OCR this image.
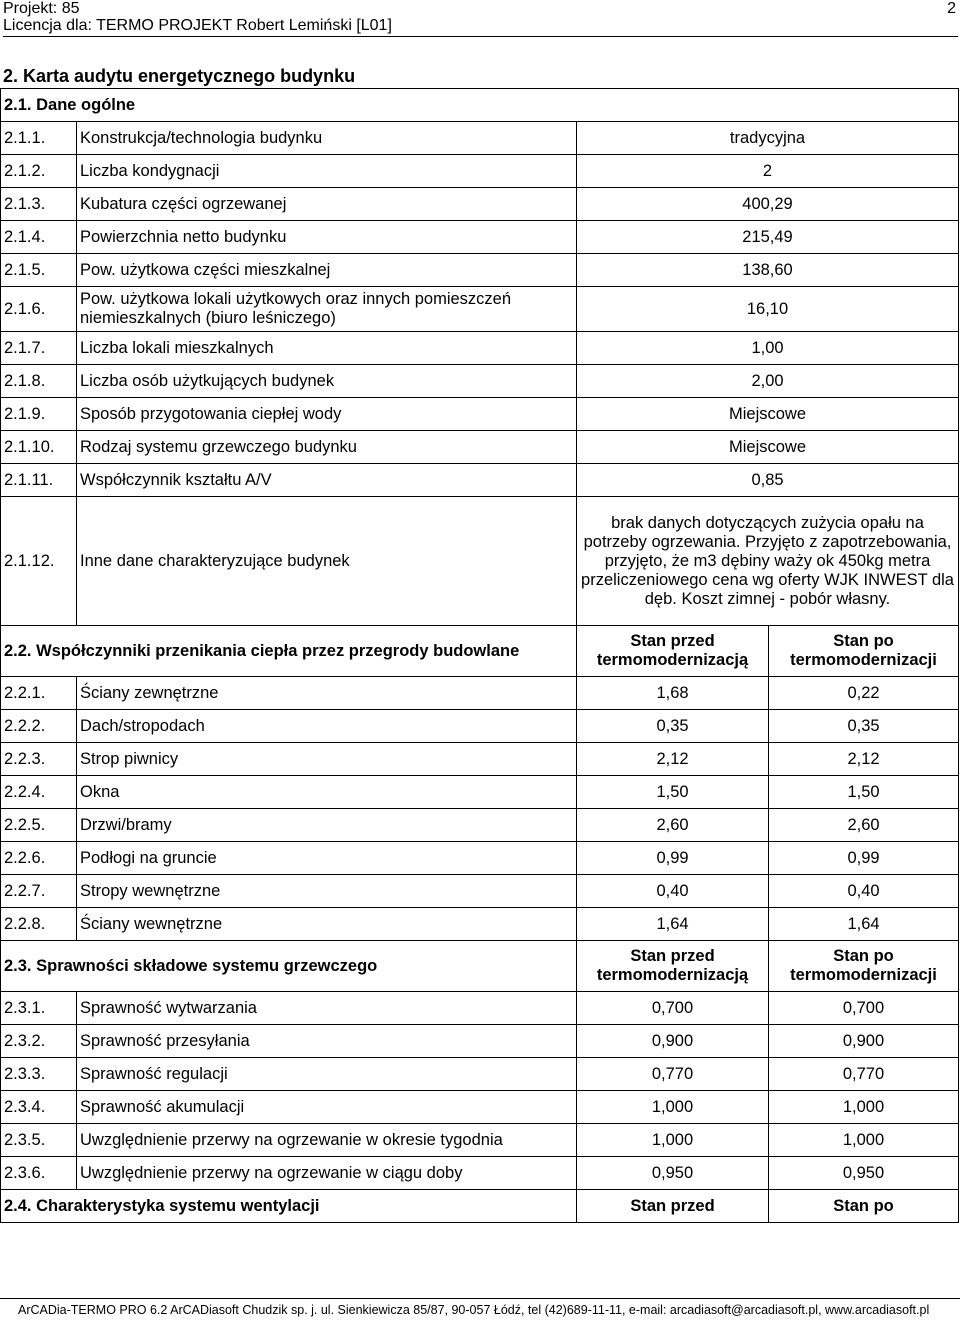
Projekt: 85
Licencja dla: TERMO PROJEKT Robert Lemiński [L01]
2
2. Karta audytu energetycznego budynku
2.1. Dane ogólne			
2.1.1.	Konstrukcja/technologia budynku	tradycyjna	
2.1.2.	Liczba kondygnacji	2	
2.1.3.	Kubatura części ogrzewanej	400,29	
2.1.4.	Powierzchnia netto budynku	215,49	
2.1.5.	Pow. użytkowa części mieszkalnej	138,60	
2.1.6.	Pow. użytkowa lokali użytkowych oraz innych pomieszczeń niemieszkalnych (biuro leśniczego)	16,10	
2.1.7.	Liczba lokali mieszkalnych	1,00	
2.1.8.	Liczba osób użytkujących budynek	2,00	
2.1.9.	Sposób przygotowania ciepłej wody	Miejscowe	
2.1.10.	Rodzaj systemu grzewczego budynku	Miejscowe	
2.1.11.	Współczynnik kształtu A/V	0,85	
2.1.12.	Inne dane charakteryzujące budynek	brak danych dotyczących zużycia opału na potrzeby ogrzewania. Przyjęto z zapotrzebowania, przyjęto, że m3 dębiny waży ok 450kg metra przeliczeniowego cena wg oferty WJK INWEST dla dęb. Koszt zimnej - pobór własny.	
2.2. Współczynniki przenikania ciepła przez przegrody budowlane		Stan przed termomodernizacją	Stan po termomodernizacji
2.2.1.	Ściany zewnętrzne	1,68	0,22
2.2.2.	Dach/stropodach	0,35	0,35
2.2.3.	Strop piwnicy	2,12	2,12
2.2.4.	Okna	1,50	1,50
2.2.5.	Drzwi/bramy	2,60	2,60
2.2.6.	Podłogi na gruncie	0,99	0,99
2.2.7.	Stropy wewnętrzne	0,40	0,40
2.2.8.	Ściany wewnętrzne	1,64	1,64
2.3. Sprawności składowe systemu grzewczego		Stan przed termomodernizacją	Stan po termomodernizacji
2.3.1.	Sprawność wytwarzania	0,700	0,700
2.3.2.	Sprawność przesyłania	0,900	0,900
2.3.3.	Sprawność regulacji	0,770	0,770
2.3.4.	Sprawność akumulacji	1,000	1,000
2.3.5.	Uwzględnienie przerwy na ogrzewanie w okresie tygodnia	1,000	1,000
2.3.6.	Uwzględnienie przerwy na ogrzewanie w ciągu doby	0,950	0,950
2.4. Charakterystyka systemu wentylacji		Stan przed	Stan po
ArCADia-TERMO PRO 6.2 ArCADiasoft Chudzik sp. j. ul. Sienkiewicza 85/87, 90-057 Łódź, tel (42)689-11-11, e-mail: arcadiasoft@arcadiasoft.pl, www.arcadiasoft.pl
